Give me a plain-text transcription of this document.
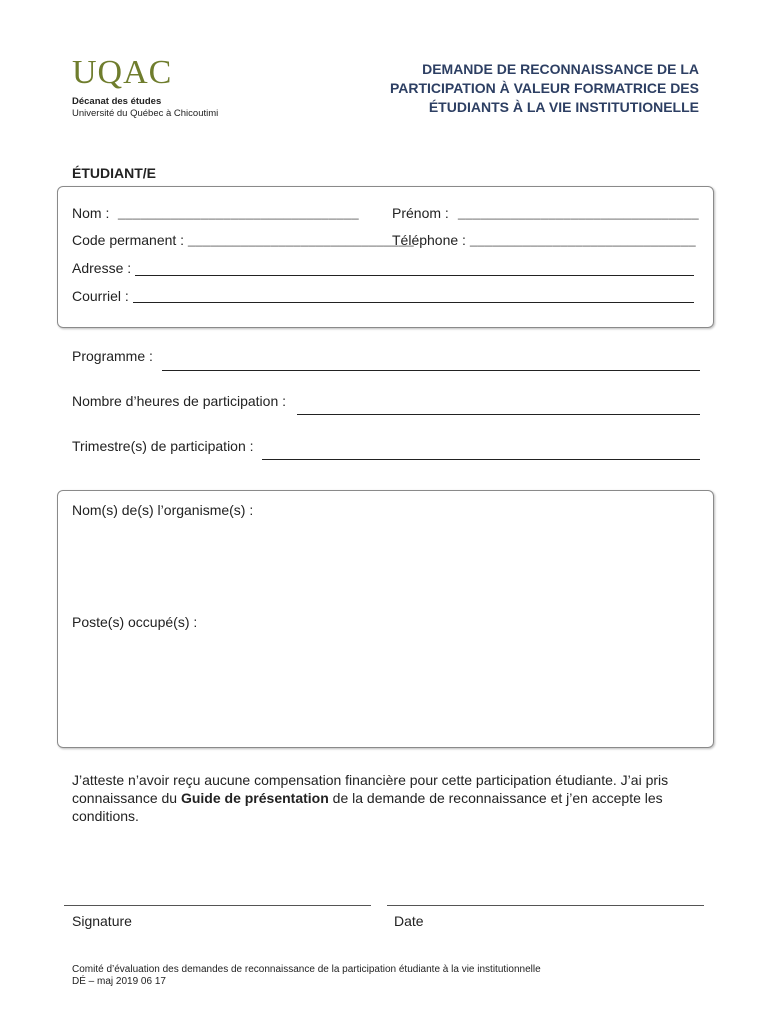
UQAC
Décanat des études
Université du Québec à Chicoutimi
DEMANDE DE RECONNAISSANCE DE LA
PARTICIPATION À VALEUR FORMATRICE DES
ÉTUDIANTS À LA VIE INSTITUTIONELLE
ÉTUDIANT/E
Nom : ________________________________ Prénom : ________________________________
Code permanent : ______________________________
Téléphone : ______________________________
Adresse :
Courriel :
Programme :
Nombre d’heures de participation :
Trimestre(s) de participation :
Nom(s) de(s) l’organisme(s) :
Poste(s) occupé(s) :
J’atteste n’avoir reçu aucune compensation financière pour cette participation étudiante. J’ai pris connaissance du Guide de présentation de la demande de reconnaissance et j’en accepte les conditions.
Signature	Date
Comité d’évaluation des demandes de reconnaissance de la participation étudiante à la vie institutionnelle
DÉ – maj 2019 06 17
